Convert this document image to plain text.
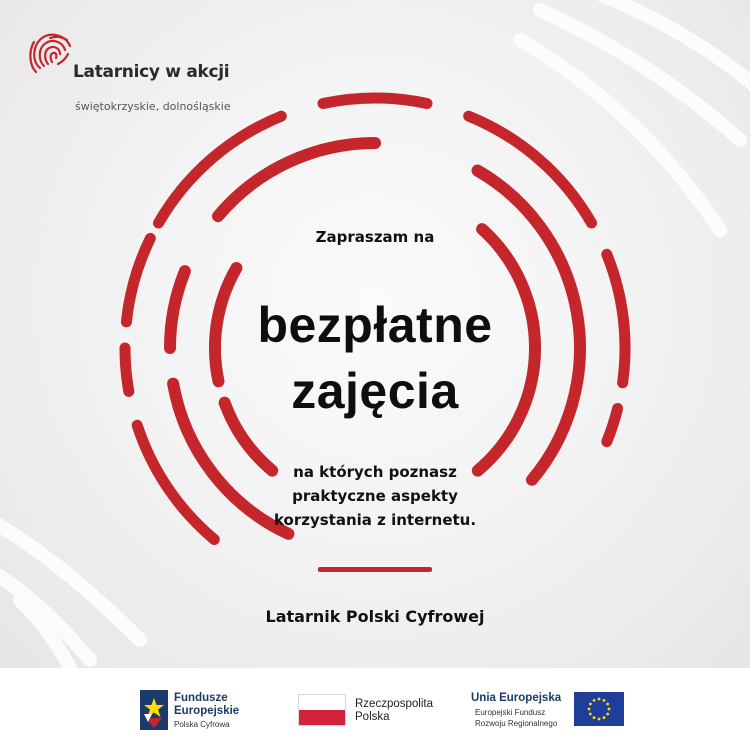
Latarnicy w akcji
świętokrzyskie, dolnośląskie
Zapraszam na
bezpłatne
zajęcia
na których poznasz
praktyczne aspekty
korzystania z internetu.
Latarnik Polski Cyfrowej
Fundusze
Europejskie
Polska Cyfrowa
Rzeczpospolita
Polska
Unia Europejska
Europejski Fundusz
Rozwoju Regionalnego
